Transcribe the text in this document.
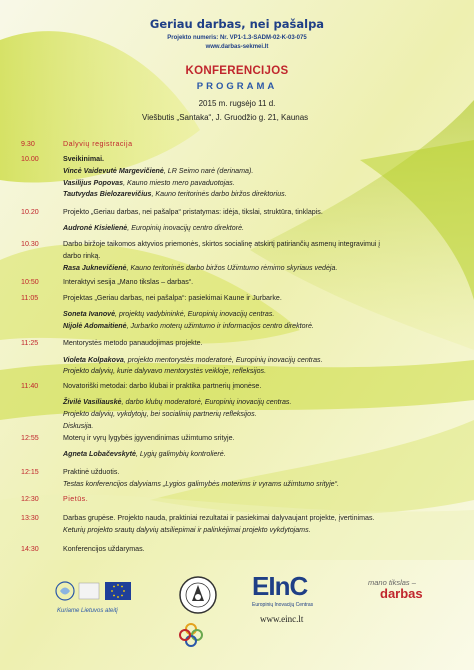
Geriau darbas, nei pašalpa
Projekto numeris: Nr. VP1-1.3-SADM-02-K-03-075
www.darbas-sekmei.lt
KONFERENCIJOS
PROGRAMA
2015 m. rugsėjo 11 d.
Viešbutis „Santaka“, J. Gruodžio g. 21, Kaunas
9.30	Dalyvių registracija
10.00	Sveikinimai.
Vincė Vaidevutė Margevičienė, LR Seimo narė (derinama).
Vasilijus Popovas, Kauno miesto mero pavaduotojas.
Tautvydas Bielozarevičius, Kauno teritorinės darbo biržos direktorius.
10.20	Projekto „Geriau darbas, nei pašalpa“ pristatymas: idėja, tikslai, struktūra, tinklapis.
Audronė Kisielienė, Europinių inovacijų centro direktorė.
10.30	Darbo biržoje taikomos aktyvios priemonės, skirtos socialinę atskirtį patiriančių asmenų integravimui į
darbo rinką.
Rasa Juknevičienė, Kauno teritorinės darbo biržos Užimtumo rėmimo skyriaus vedėja.
10:50	Interaktyvi sesija „Mano tikslas – darbas“.
11:05	Projektas „Geriau darbas, nei pašalpa“: pasiekimai Kaune ir Jurbarke.
Soneta Ivanovė, projektų vadybininkė, Europinių inovacijų centras.
Nijolė Adomaitienė, Jurbarko moterų užimtumo ir informacijos centro direktorė.
11:25	Mentorystės metodo panaudojimas projekte.
Violeta Kolpakova, projekto mentorystės moderatorė, Europinių inovacijų centras.
Projekto dalyvių, kurie dalyvavo mentorystės veikloje, refleksijos.
11:40	Novatoriški metodai: darbo klubai ir praktika partnerių įmonėse.
Živilė Vasiliauskė, darbo klubų moderatorė, Europinių inovacijų centras.
Projekto dalyvių, vykdytojų, bei socialinių partnerių refleksijos.
Diskusija.
12:55	Moterų ir vyrų lygybės įgyvendinimas užimtumo srityje.
Agneta Lobačevskytė, Lygių galimybių kontrolierė.
12:15	Praktinė užduotis.
Testas konferencijos dalyviams „Lygios galimybės moterims ir vyrams užimtumo srityje“.
12:30	Pietūs.
13:30	Darbas grupėse. Projekto nauda, praktiniai rezultatai ir pasiekimai dalyvaujant projekte, įvertinimas.
Keturių projekto srautų dalyvių atsiliepimai ir palinkėjimai projekto vykdytojams.
14:30	Konferencijos uždarymas.
Kuriame Lietuvos ateitį
EInC
Europinių Inovacijų Centras
www.einc.lt
mano tikslas –
darbas
